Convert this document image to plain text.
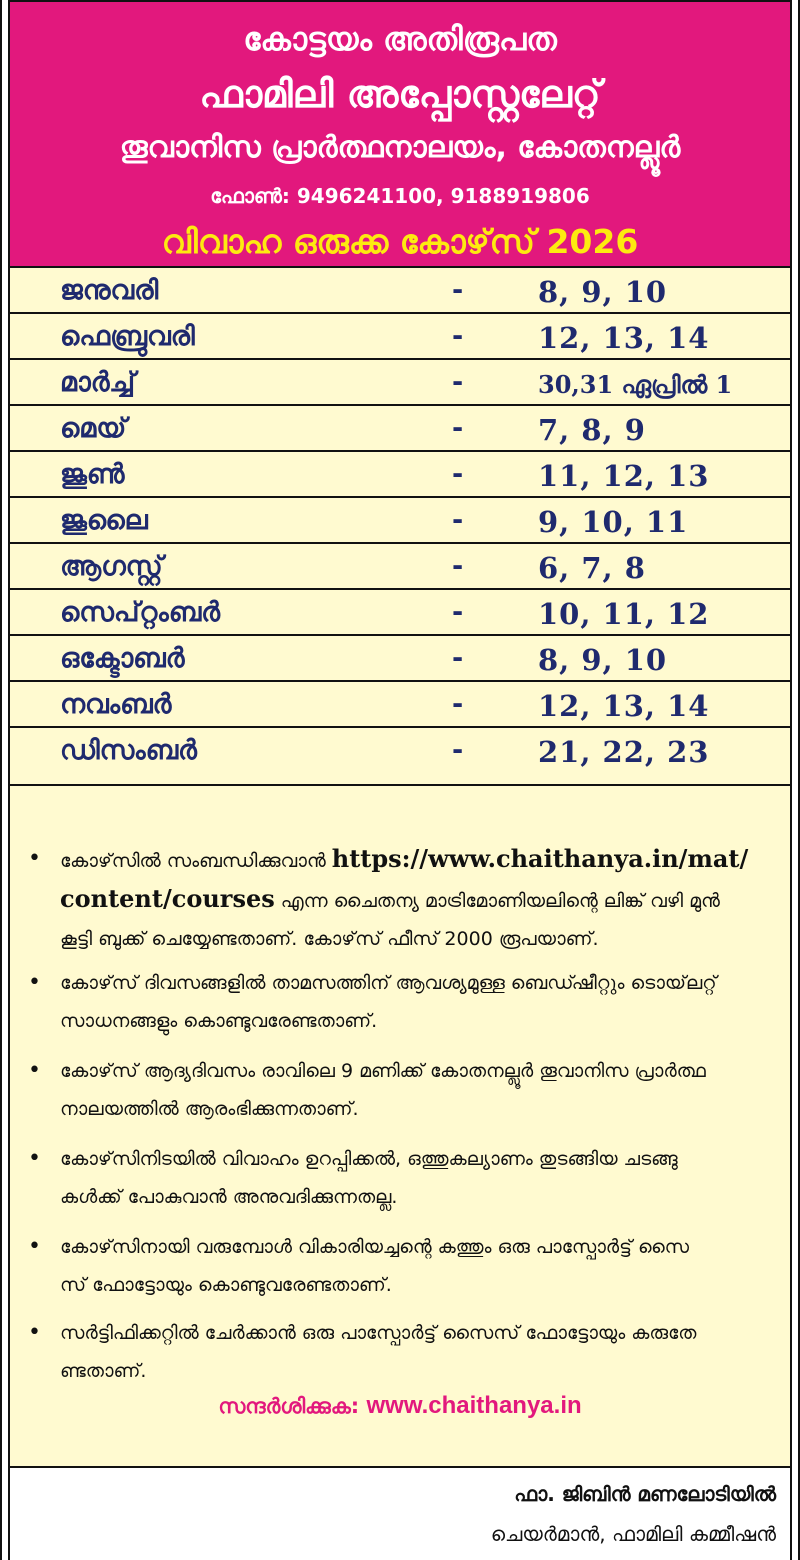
കോട്ടയം അതിരൂപത
ഫാമിലി അപ്പോസ്റ്റലേറ്റ്
തൂവാനിസ പ്രാർത്ഥനാലയം, കോതനല്ലൂർ
ഫോൺ: 9496241100, 9188919806
വിവാഹ ഒരുക്ക കോഴ്‌സ് 2026
ജനുവരി	-	8, 9, 10
ഫെബ്രുവരി	-	12, 13, 14
മാർച്ച്	-	30,31 ഏപ്രിൽ 1
മെയ്	-	7, 8, 9
ജൂൺ	-	11, 12, 13
ജൂലൈ	-	9, 10, 11
ആഗസ്റ്റ്	-	6, 7, 8
സെപ്റ്റംബർ	-	10, 11, 12
ഒക്ടോബർ	-	8, 9, 10
നവംബർ	-	12, 13, 14
ഡിസംബർ	-	21, 22, 23
• കോഴ്‌സിൽ സംബന്ധിക്കുവാൻ https://www.chaithanya.in/mat/
content/courses എന്ന ചൈതന്യ മാട്രിമോണിയലിന്റെ ലിങ്ക് വഴി മുൻ
കൂട്ടി ബുക്ക് ചെയ്യേണ്ടതാണ്. കോഴ്‌സ് ഫീസ് 2000 രൂപയാണ്.
• കോഴ്‌സ് ദിവസങ്ങളിൽ താമസത്തിന് ആവശ്യമുള്ള ബെഡ്ഷീറ്റും ടൊയ്‌ലറ്റ്
സാധനങ്ങളും കൊണ്ടുവരേണ്ടതാണ്.
• കോഴ്‌സ് ആദ്യദിവസം രാവിലെ 9 മണിക്ക് കോതനല്ലൂർ തൂവാനിസ പ്രാർത്ഥ
നാലയത്തിൽ ആരംഭിക്കുന്നതാണ്.
• കോഴ്‌സിനിടയിൽ വിവാഹം ഉറപ്പിക്കൽ, ഒത്തുകല്യാണം തുടങ്ങിയ ചടങ്ങു
കൾക്ക് പോകുവാൻ അനുവദിക്കുന്നതല്ല.
• കോഴ്‌സിനായി വരുമ്പോൾ വികാരിയച്ചന്റെ കത്തും ഒരു പാസ്പോർട്ട് സൈ
സ് ഫോട്ടോയും കൊണ്ടുവരേണ്ടതാണ്.
• സർട്ടിഫിക്കറ്റിൽ ചേർക്കാൻ ഒരു പാസ്പോർട്ട് സൈസ് ഫോട്ടോയും കരുതേ
ണ്ടതാണ്.
സന്ദർശിക്കുക: www.chaithanya.in
ഫാ. ജിബിൻ മണലോടിയിൽ
ചെയർമാൻ, ഫാമിലി കമ്മീഷൻ
